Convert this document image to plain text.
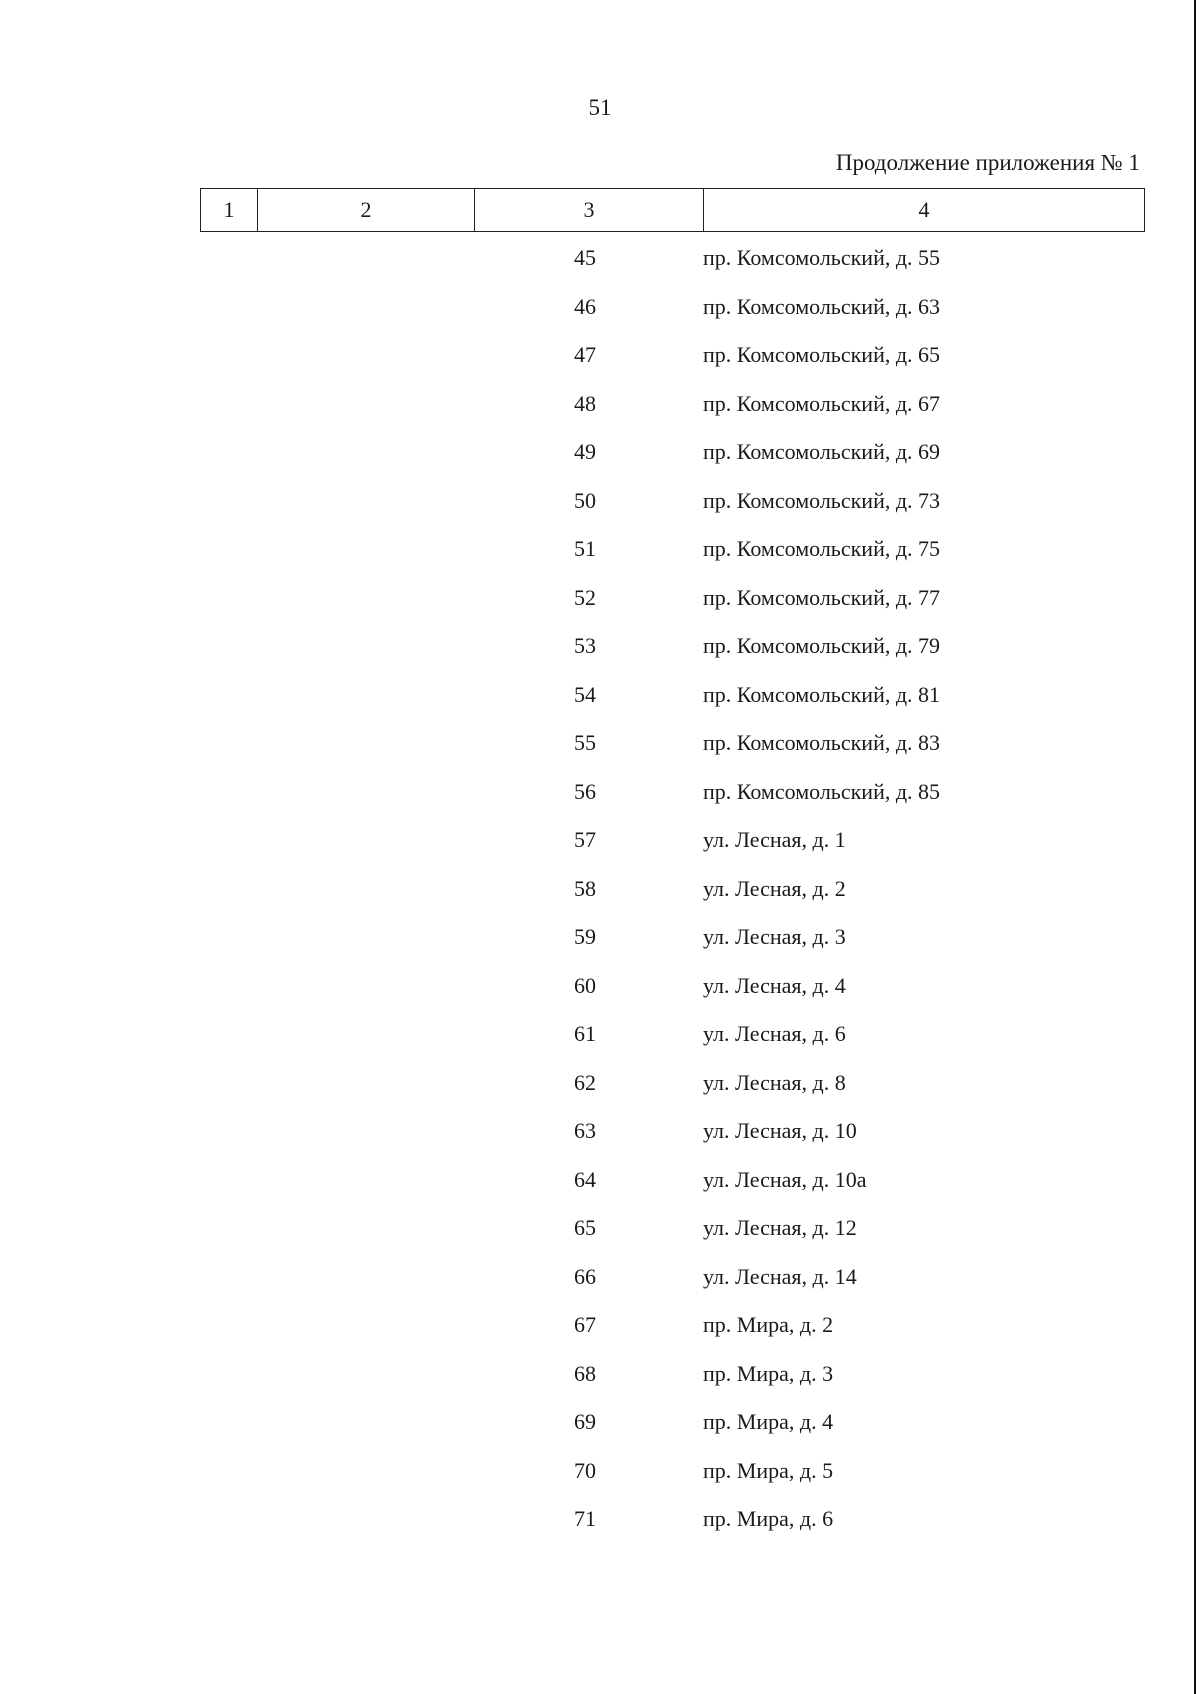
51
Продолжение приложения № 1
1	2	3	4
45	пр. Комсомольский, д. 55
46	пр. Комсомольский, д. 63
47	пр. Комсомольский, д. 65
48	пр. Комсомольский, д. 67
49	пр. Комсомольский, д. 69
50	пр. Комсомольский, д. 73
51	пр. Комсомольский, д. 75
52	пр. Комсомольский, д. 77
53	пр. Комсомольский, д. 79
54	пр. Комсомольский, д. 81
55	пр. Комсомольский, д. 83
56	пр. Комсомольский, д. 85
57	ул. Лесная, д. 1
58	ул. Лесная, д. 2
59	ул. Лесная, д. 3
60	ул. Лесная, д. 4
61	ул. Лесная, д. 6
62	ул. Лесная, д. 8
63	ул. Лесная, д. 10
64	ул. Лесная, д. 10а
65	ул. Лесная, д. 12
66	ул. Лесная, д. 14
67	пр. Мира, д. 2
68	пр. Мира, д. 3
69	пр. Мира, д. 4
70	пр. Мира, д. 5
71	пр. Мира, д. 6
